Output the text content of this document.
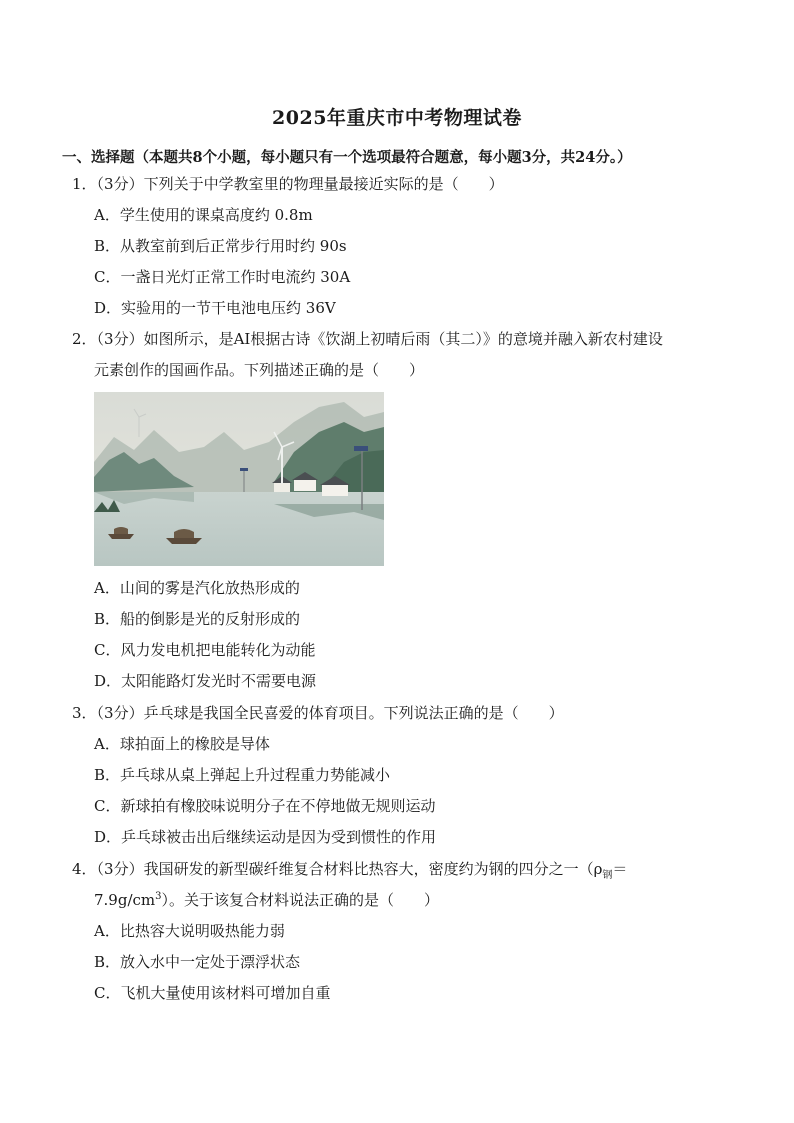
2025年重庆市中考物理试卷
一、选择题（本题共8个小题，每小题只有一个选项最符合题意，每小题3分，共24分。）
1．（3分）下列关于中学教室里的物理量最接近实际的是（　　）
A．学生使用的课桌高度约 0.8m
B．从教室前到后正常步行用时约 90s
C．一盏日光灯正常工作时电流约 30A
D．实验用的一节干电池电压约 36V
2．（3分）如图所示，是AI根据古诗《饮湖上初晴后雨（其二）》的意境并融入新农村建设
元素创作的国画作品。下列描述正确的是（　　）
A．山间的雾是汽化放热形成的
B．船的倒影是光的反射形成的
C．风力发电机把电能转化为动能
D．太阳能路灯发光时不需要电源
3．（3分）乒乓球是我国全民喜爱的体育项目。下列说法正确的是（　　）
A．球拍面上的橡胶是导体
B．乒乓球从桌上弹起上升过程重力势能减小
C．新球拍有橡胶味说明分子在不停地做无规则运动
D．乒乓球被击出后继续运动是因为受到惯性的作用
4．（3分）我国研发的新型碳纤维复合材料比热容大，密度约为钢的四分之一（$\rho_钢=$
$7.9g/cm^3$）。关于该复合材料说法正确的是（　　）
A．比热容大说明吸热能力弱
B．放入水中一定处于漂浮状态
C．飞机大量使用该材料可增加自重
